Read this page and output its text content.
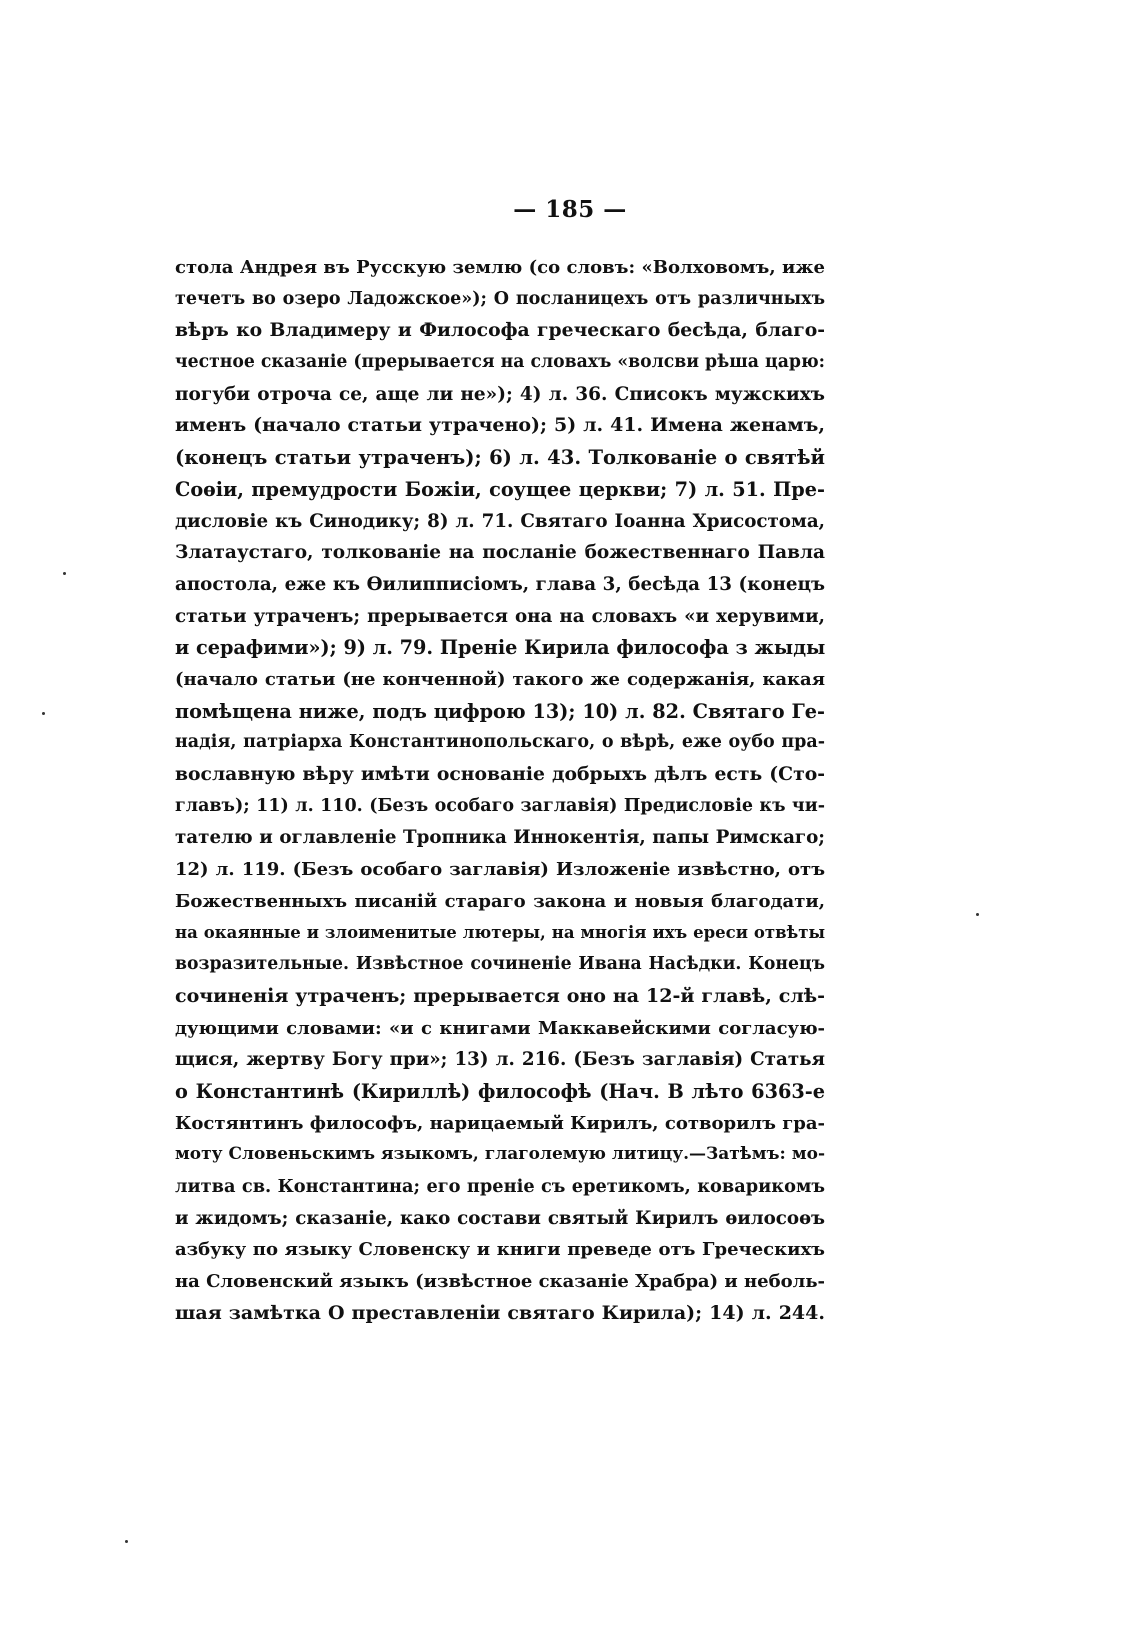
— 185 —
стола Андрея въ Русскую землю (со словъ: «Волховомъ, иже
течетъ во озеро Ладожское»); О посланицехъ отъ различныхъ
вѣръ ко Владимеру и Философа греческаго бесѣда, благо-
честное сказаніе (прерывается на словахъ «волсви рѣша царю:
погуби отроча се, аще ли не»); 4) л. 36. Списокъ мужскихъ
именъ (начало статьи утрачено); 5) л. 41. Имена женамъ,
(конецъ статьи утраченъ); 6) л. 43. Толкованіе о святѣй
Соѳіи, премудрости Божіи, соущее церкви; 7) л. 51. Пре-
дисловіе къ Синодику; 8) л. 71. Святаго Іоанна Хрисостома,
Златаустаго, толкованіе на посланіе божественнаго Павла
апостола, еже къ Ѳилипписіомъ, глава 3, бесѣда 13 (конецъ
статьи утраченъ; прерывается она на словахъ «и херувими,
и серафими»); 9) л. 79. Преніе Кирила философа з жыды
(начало статьи (не конченной) такого же содержанія, какая
помѣщена ниже, подъ цифрою 13); 10) л. 82. Святаго Ге-
надія, патріарха Константинопольскаго, о вѣрѣ, еже оубо пра-
вославную вѣру имѣти основаніе добрыхъ дѣлъ есть (Сто-
главъ); 11) л. 110. (Безъ особаго заглавія) Предисловіе къ чи-
тателю и оглавленіе Тропника Иннокентія, папы Римскаго;
12) л. 119. (Безъ особаго заглавія) Изложеніе извѣстно, отъ
Божественныхъ писаній стараго закона и новыя благодати,
на окаянные и злоименитые лютеры, на многія ихъ ереси отвѣты
возразительные. Извѣстное сочиненіе Ивана Насѣдки. Конецъ
сочиненія утраченъ; прерывается оно на 12-й главѣ, слѣ-
дующими словами: «и с книгами Маккавейскими согласую-
щися, жертву Богу при»; 13) л. 216. (Безъ заглавія) Статья
о Константинѣ (Кириллѣ) философѣ (Нач. В лѣто 6363-е
Костянтинъ философъ, нарицаемый Кирилъ, сотворилъ гра-
моту Словеньскимъ языкомъ, глаголемую литицу.—Затѣмъ: мо-
литва св. Константина; его преніе съ еретикомъ, коварикомъ
и жидомъ; сказаніе, како состави святый Кирилъ ѳилосоѳъ
азбуку по языку Словенску и книги преведе отъ Греческихъ
на Словенский языкъ (извѣстное сказаніе Храбра) и неболь-
шая замѣтка О преставленіи святаго Кирила); 14) л. 244.
